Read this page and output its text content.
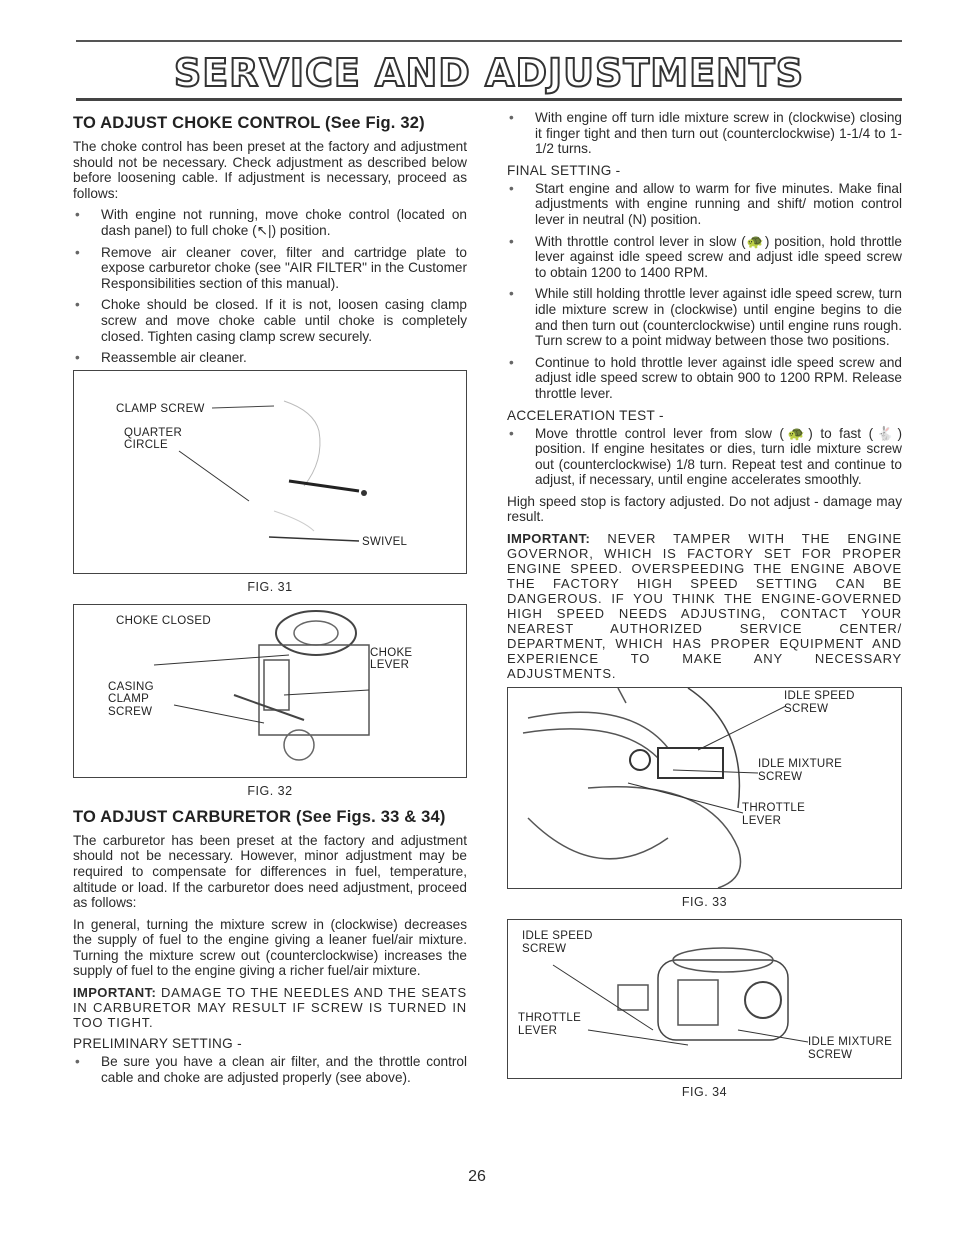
SERVICE AND ADJUSTMENTS
TO ADJUST CHOKE CONTROL (See Fig. 32)

The choke control has been preset at the factory and adjustment should not be necessary. Check adjustment as described below before loosening cable. If adjustment is necessary, proceed as follows:

• With engine not running, move choke control (located on dash panel) to full choke (↖|) position.
• Remove air cleaner cover, filter and cartridge plate to expose carburetor choke (see "AIR FILTER" in the Customer Responsibilities section of this manual).
• Choke should be closed. If it is not, loosen casing clamp screw and move choke cable until choke is completely closed. Tighten casing clamp screw securely.
• Reassemble air cleaner.
CLAMP SCREW
QUARTER CIRCLE
SWIVEL
FIG. 31
CHOKE CLOSED
CHOKE LEVER
CASING CLAMP SCREW
FIG. 32
TO ADJUST CARBURETOR (See Figs. 33 & 34)

The carburetor has been preset at the factory and adjustment should not be necessary. However, minor adjustment may be required to compensate for differences in fuel, temperature, altitude or load. If the carburetor does need adjustment, proceed as follows:

In general, turning the mixture screw in (clockwise) decreases the supply of fuel to the engine giving a leaner fuel/air mixture. Turning the mixture screw out (counterclockwise) increases the supply of fuel to the engine giving a richer fuel/air mixture.

IMPORTANT: DAMAGE TO THE NEEDLES AND THE SEATS IN CARBURETOR MAY RESULT IF SCREW IS TURNED IN TOO TIGHT.

PRELIMINARY SETTING -
• Be sure you have a clean air filter, and the throttle control cable and choke are adjusted properly (see above).
• With engine off turn idle mixture screw in (clockwise) closing it finger tight and then turn out (counterclockwise) 1-1/4 to 1-1/2 turns.
FINAL SETTING -
• Start engine and allow to warm for five minutes. Make final adjustments with engine running and shift/ motion control lever in neutral (N) position.
• With throttle control lever in slow (🐢) position, hold throttle lever against idle speed screw and adjust idle speed screw to obtain 1200 to 1400 RPM.
• While still holding throttle lever against idle speed screw, turn idle mixture screw in (clockwise) until engine begins to die and then turn out (counterclockwise) until engine runs rough. Turn screw to a point midway between those two positions.
• Continue to hold throttle lever against idle speed screw and adjust idle speed screw to obtain 900 to 1200 RPM. Release throttle lever.
ACCELERATION TEST -
• Move throttle control lever from slow (🐢) to fast (🐇) position. If engine hesitates or dies, turn idle mixture screw out (counterclockwise) 1/8 turn. Repeat test and continue to adjust, if necessary, until engine accelerates smoothly.

High speed stop is factory adjusted. Do not adjust - damage may result.

IMPORTANT: NEVER TAMPER WITH THE ENGINE GOVERNOR, WHICH IS FACTORY SET FOR PROPER ENGINE SPEED. OVERSPEEDING THE ENGINE ABOVE THE FACTORY HIGH SPEED SETTING CAN BE DANGEROUS. IF YOU THINK THE ENGINE-GOVERNED HIGH SPEED NEEDS ADJUSTING, CONTACT YOUR NEAREST AUTHORIZED SERVICE CENTER/ DEPARTMENT, WHICH HAS PROPER EQUIPMENT AND EXPERIENCE TO MAKE ANY NECESSARY ADJUSTMENTS.

IDLE SPEED SCREW
IDLE MIXTURE SCREW
THROTTLE LEVER
FIG. 33
IDLE SPEED SCREW
THROTTLE LEVER
IDLE MIXTURE SCREW
FIG. 34
26
